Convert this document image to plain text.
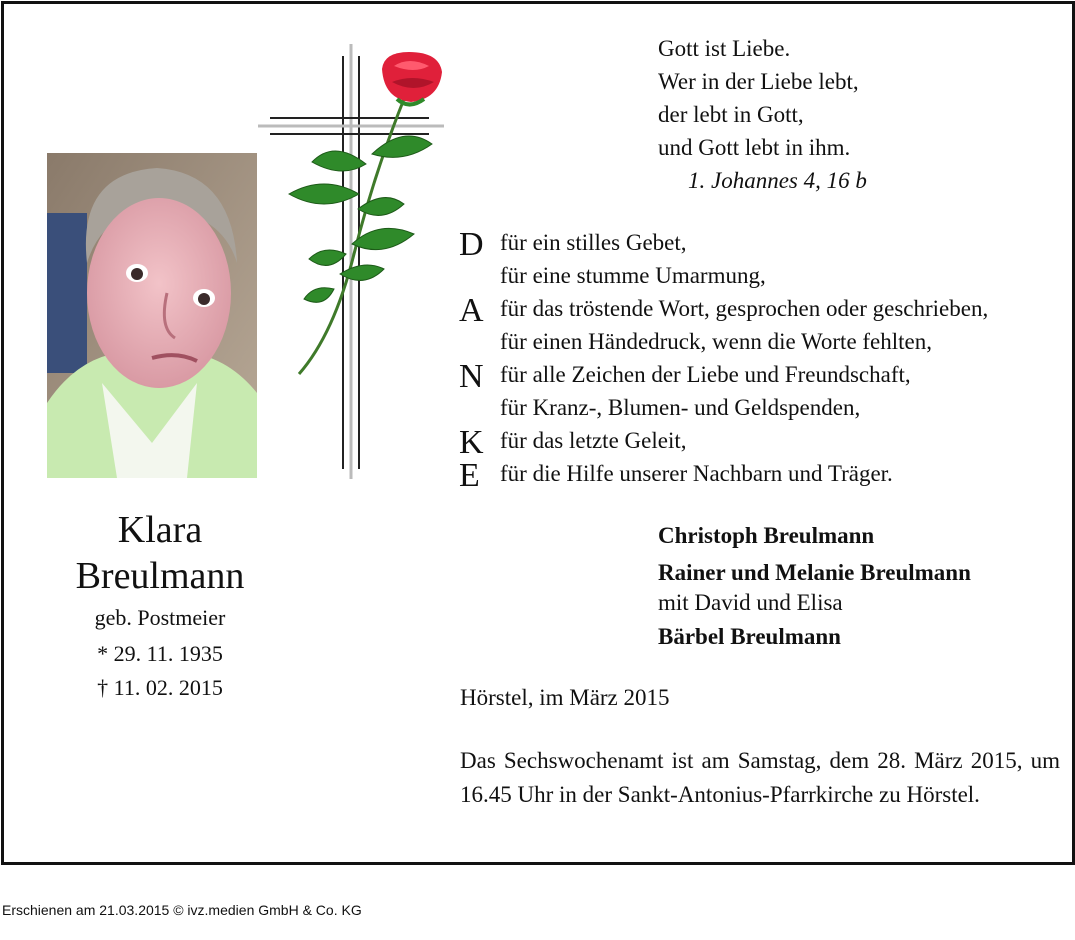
Klara
Breulmann
geb. Postmeier
* 29. 11. 1935
† 11. 02. 2015
Gott ist Liebe.
Wer in der Liebe lebt,
der lebt in Gott,
und Gott lebt in ihm.
1. Johannes 4, 16 b
D für ein stilles Gebet,
für eine stumme Umarmung,
A für das tröstende Wort, gesprochen oder geschrieben,
für einen Händedruck, wenn die Worte fehlten,
N für alle Zeichen der Liebe und Freundschaft,
für Kranz-, Blumen- und Geldspenden,
K für das letzte Geleit,
E für die Hilfe unserer Nachbarn und Träger.
Christoph Breulmann
Rainer und Melanie Breulmann
mit David und Elisa
Bärbel Breulmann
Hörstel, im März 2015
Das Sechswochenamt ist am Samstag, dem 28. März 2015, um 16.45 Uhr in der Sankt-Antonius-Pfarrkirche zu Hörstel.
Erschienen am 21.03.2015 © ivz.medien GmbH & Co. KG
